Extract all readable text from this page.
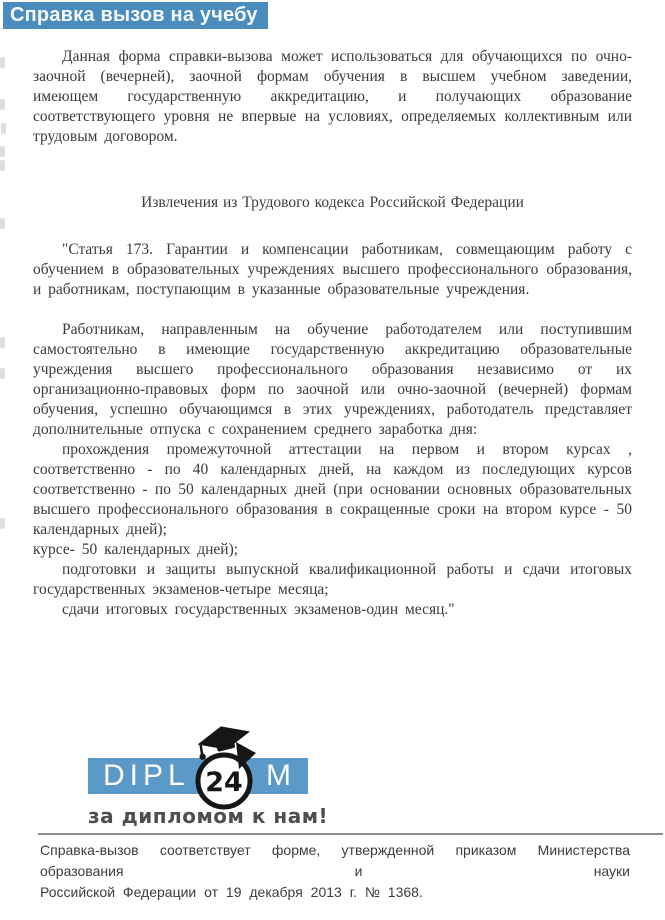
Справка вызов на учебу

Данная форма справки-вызова может использоваться для обучающихся по очно-заочной (вечерней), заочной формам обучения в высшем учебном заведении, имеющем государственную аккредитацию, и получающих образование соответствующего уровня не впервые на условиях, определяемых коллективным или трудовым договором.

Извлечения из Трудового кодекса Российской Федерации

"Статья 173. Гарантии и компенсации работникам, совмещающим работу с обучением в образовательных учреждениях высшего профессионального образования, и работникам, поступающим в указанные образовательные учреждения.

Работникам, направленным на обучение работодателем или поступившим самостоятельно в имеющие государственную аккредитацию образовательные учреждения высшего профессионального образования независимо от их организационно-правовых форм по заочной или очно-заочной (вечерней) формам обучения, успешно обучающимся в этих учреждениях, работодатель представляет дополнительные отпуска с сохранением среднего заработка дня:

прохождения промежуточной аттестации на первом и втором курсах , соответственно - по 40 календарных дней, на каждом из последующих курсов соответственно - по 50 календарных дней (при основании основных образовательных высшего профессионального образования в сокращенные сроки на втором курсе - 50 календарных дней);

курсе- 50 календарных дней);

подготовки и защиты выпускной квалификационной работы и сдачи итоговых государственных экзаменов-четыре месяца;

сдачи итоговых государственных экзаменов-один месяц."

DIPL	M
24
за дипломом к нам!
Справка-вызов соответствует форме, утвержденной приказом Министерства образования и науки
Российской Федерации от 19 декабря 2013 г. № 1368.
